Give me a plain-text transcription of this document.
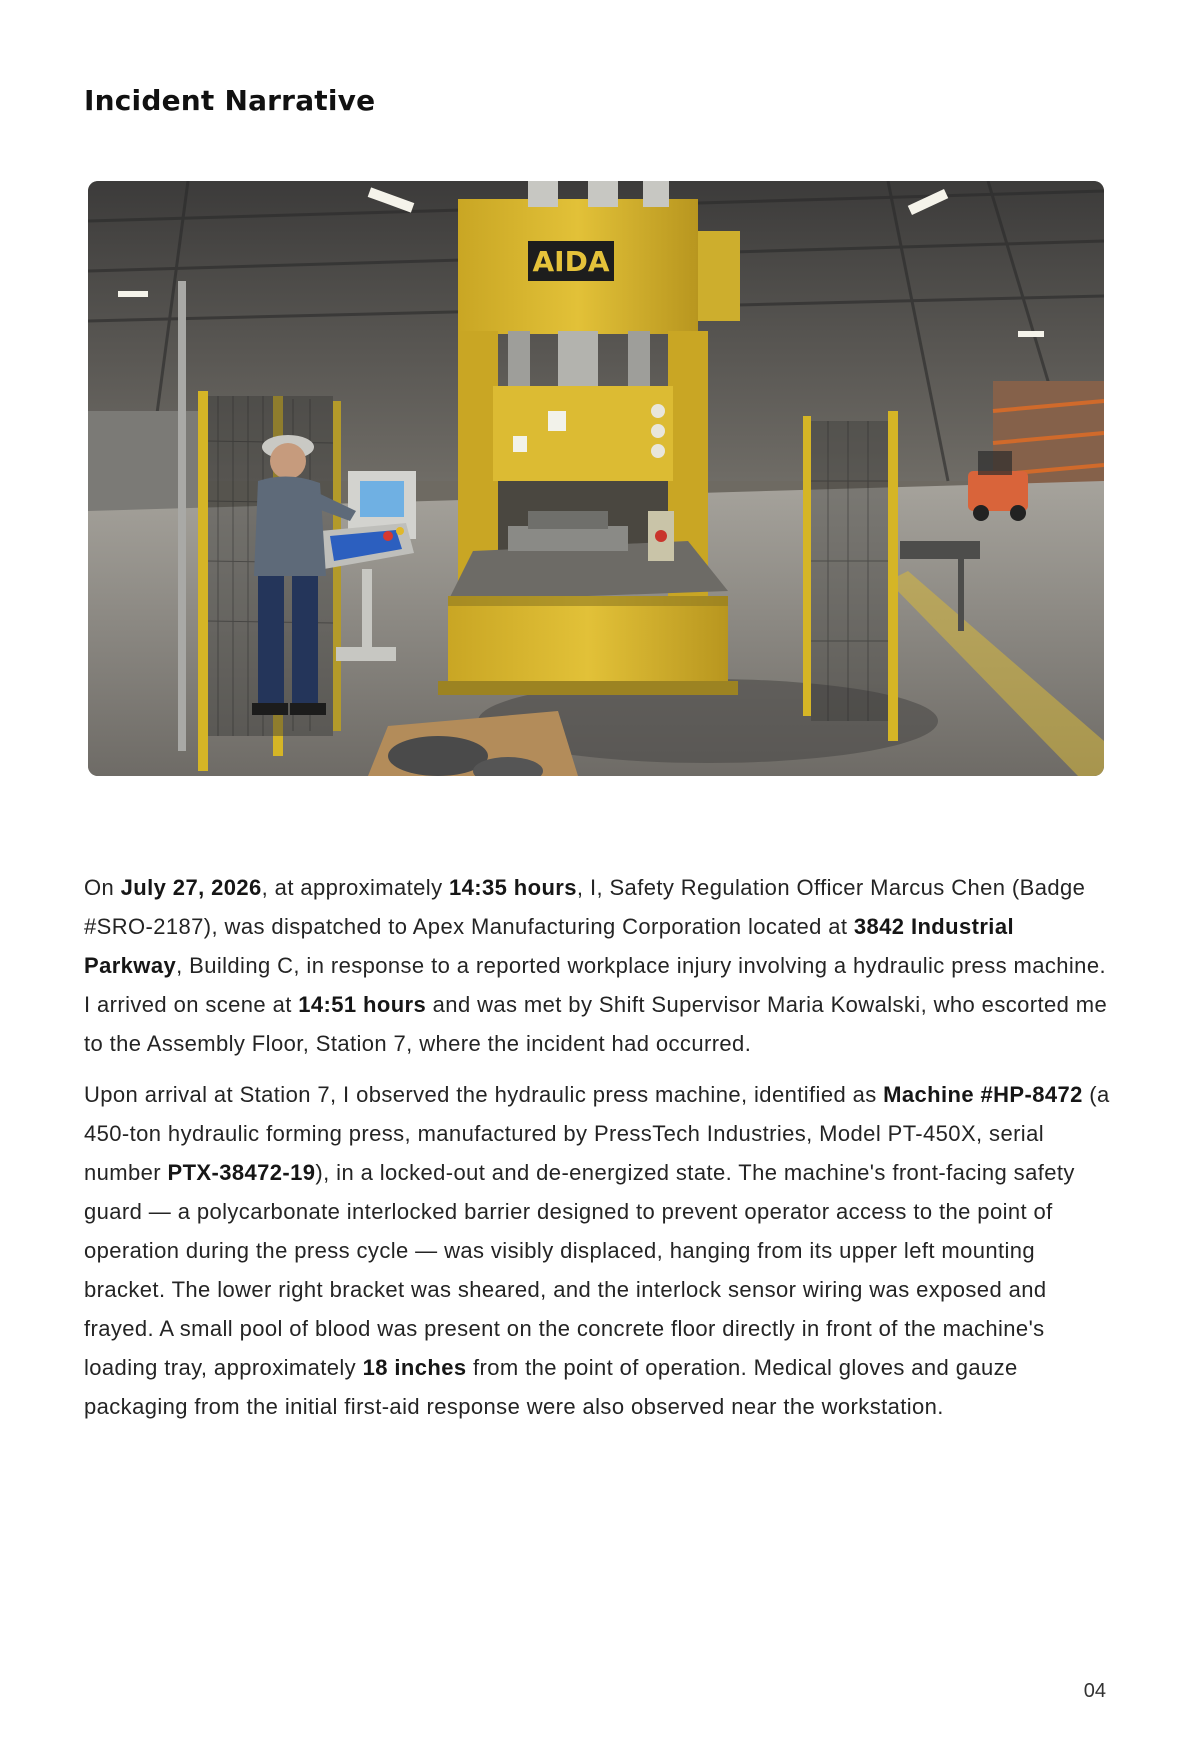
Incident Narrative
AIDA

On July 27, 2026, at approximately 14:35 hours, I, Safety Regulation Officer Marcus Chen (Badge #SRO-2187), was dispatched to Apex Manufacturing Corporation located at 3842 Industrial Parkway, Building C, in response to a reported workplace injury involving a hydraulic press machine. I arrived on scene at 14:51 hours and was met by Shift Supervisor Maria Kowalski, who escorted me to the Assembly Floor, Station 7, where the incident had occurred.

Upon arrival at Station 7, I observed the hydraulic press machine, identified as Machine #HP-8472 (a 450-ton hydraulic forming press, manufactured by PressTech Industries, Model PT-450X, serial number PTX-38472-19), in a locked-out and de-energized state. The machine's front-facing safety guard — a polycarbonate interlocked barrier designed to prevent operator access to the point of operation during the press cycle — was visibly displaced, hanging from its upper left mounting bracket. The lower right bracket was sheared, and the interlock sensor wiring was exposed and frayed. A small pool of blood was present on the concrete floor directly in front of the machine's loading tray, approximately 18 inches from the point of operation. Medical gloves and gauze packaging from the initial first-aid response were also observed near the workstation.

04
